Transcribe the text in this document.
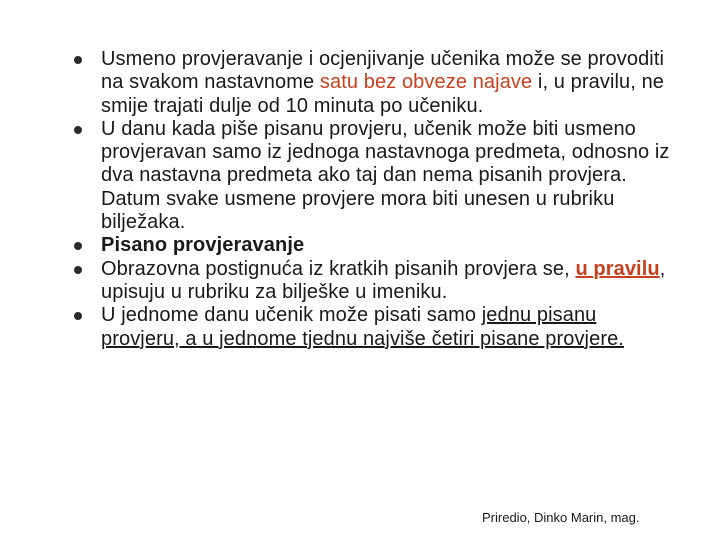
Usmeno provjeravanje i ocjenjivanje učenika može se provoditi na svakom nastavnome satu bez obveze najave i, u pravilu, ne smije trajati dulje od 10 minuta po učeniku.
U danu kada piše pisanu provjeru, učenik može biti usmeno provjeravan samo iz jednoga nastavnoga predmeta, odnosno iz dva nastavna predmeta ako taj dan nema pisanih provjera. Datum svake usmene provjere mora biti unesen u rubriku bilježaka.
Pisano provjeravanje
Obrazovna postignuća iz kratkih pisanih provjera se, u pravilu, upisuju u rubriku za bilješke u imeniku.
U jednome danu učenik može pisati samo jednu pisanu provjeru, a u jednome tjednu najviše četiri pisane provjere.
Priredio, Dinko Marin, mag.
